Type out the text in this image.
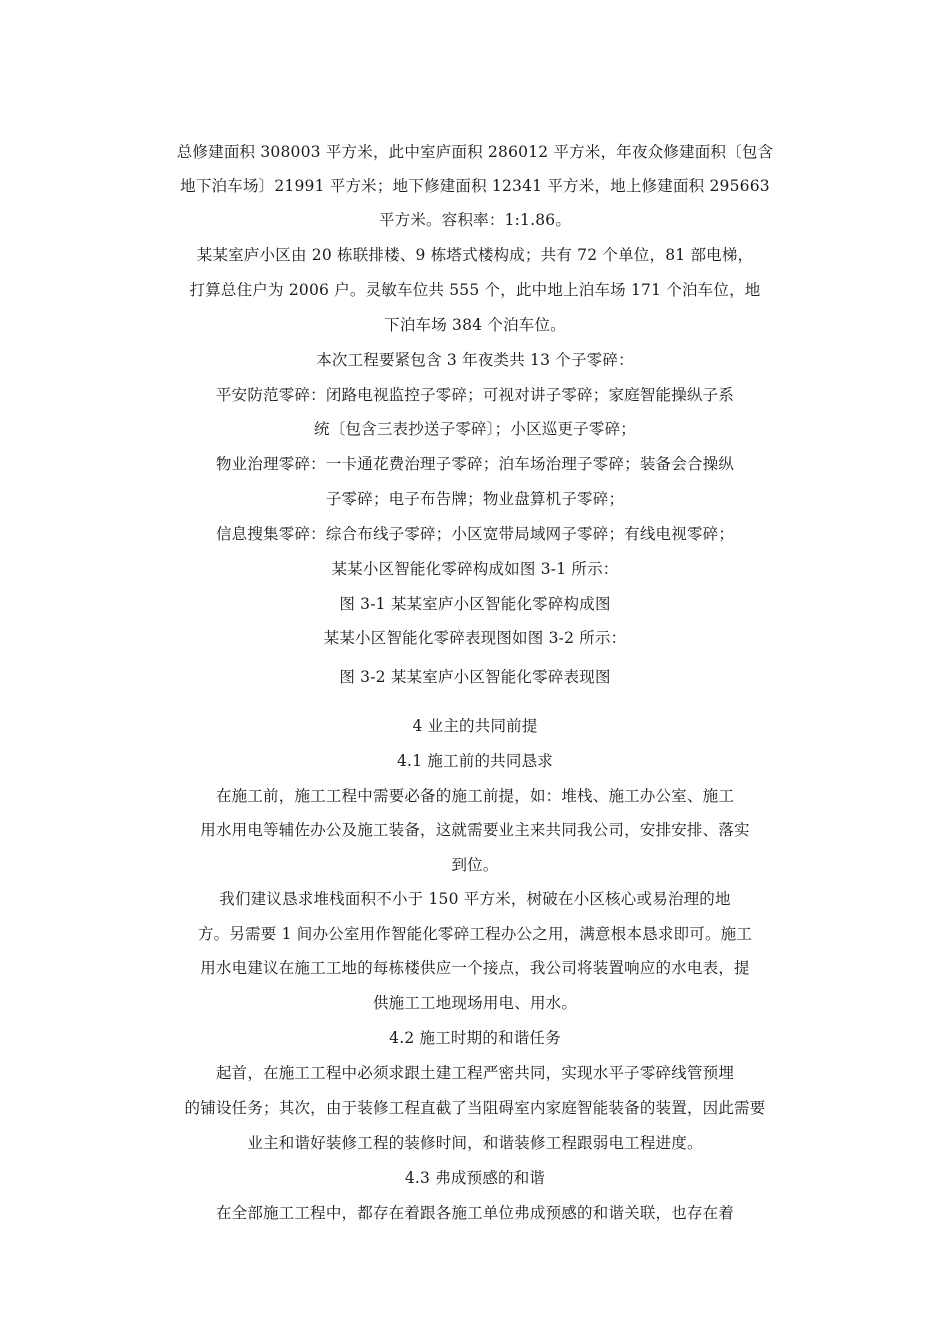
总修建面积 308003 平方米，此中室庐面积 286012 平方米，年夜众修建面积〔包含
地下泊车场〕21991 平方米；地下修建面积 12341 平方米，地上修建面积 295663
平方米。容积率：1:1.86。
某某室庐小区由 20 栋联排楼、9 栋塔式楼构成；共有 72 个单位，81 部电梯，
打算总住户为 2006 户。灵敏车位共 555 个，此中地上泊车场 171 个泊车位，地
下泊车场 384 个泊车位。
本次工程要紧包含 3 年夜类共 13 个子零碎：
平安防范零碎：闭路电视监控子零碎；可视对讲子零碎；家庭智能操纵子系
统〔包含三表抄送子零碎〕；小区巡更子零碎；
物业治理零碎：一卡通花费治理子零碎；泊车场治理子零碎；装备会合操纵
子零碎；电子布告牌；物业盘算机子零碎；
信息搜集零碎：综合布线子零碎；小区宽带局域网子零碎；有线电视零碎；
某某小区智能化零碎构成如图 3-1 所示：
图 3-1 某某室庐小区智能化零碎构成图
某某小区智能化零碎表现图如图 3-2 所示：
图 3-2 某某室庐小区智能化零碎表现图
4 业主的共同前提
4.1 施工前的共同恳求
在施工前，施工工程中需要必备的施工前提，如：堆栈、施工办公室、施工
用水用电等辅佐办公及施工装备，这就需要业主来共同我公司，安排安排、落实
到位。
我们建议恳求堆栈面积不小于 150 平方米，树破在小区核心或易治理的地
方。另需要 1 间办公室用作智能化零碎工程办公之用，满意根本恳求即可。施工
用水电建议在施工工地的每栋楼供应一个接点，我公司将装置响应的水电表，提
供施工工地现场用电、用水。
4.2 施工时期的和谐任务
起首，在施工工程中必须求跟土建工程严密共同，实现水平子零碎线管预埋
的铺设任务；其次，由于装修工程直截了当阻碍室内家庭智能装备的装置，因此需要
业主和谐好装修工程的装修时间，和谐装修工程跟弱电工程进度。
4.3 弗成预感的和谐
在全部施工工程中，都存在着跟各施工单位弗成预感的和谐关联，也存在着
